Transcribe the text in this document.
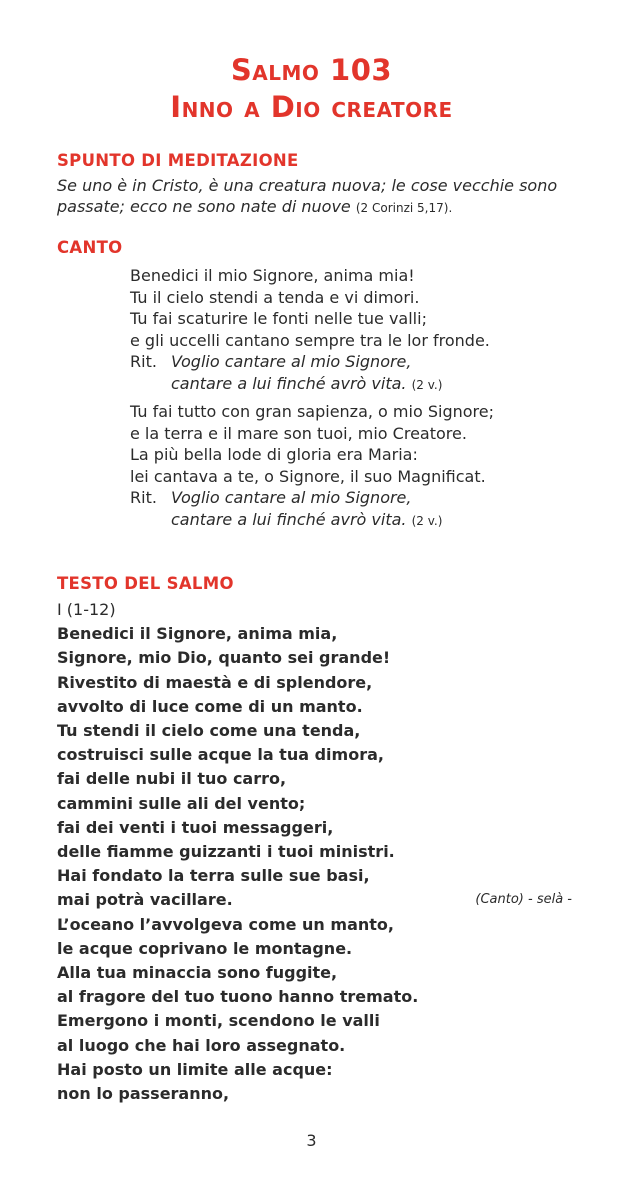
Salmo 103
Inno a Dio creatore
SPUNTO DI MEDITAZIONE
Se uno è in Cristo, è una creatura nuova; le cose vecchie sono passate; ecco ne sono nate di nuove (2 Corinzi 5,17).
CANTO
Benedici il mio Signore, anima mia!
Tu il cielo stendi a tenda e vi dimori.
Tu fai scaturire le fonti nelle tue valli;
e gli uccelli cantano sempre tra le lor fronde.
Rit. Voglio cantare al mio Signore,
cantare a lui finché avrò vita. (2 v.)
Tu fai tutto con gran sapienza, o mio Signore;
e la terra e il mare son tuoi, mio Creatore.
La più bella lode di gloria era Maria:
lei cantava a te, o Signore, il suo Magnificat.
Rit. Voglio cantare al mio Signore,
cantare a lui finché avrò vita. (2 v.)
TESTO DEL SALMO
I (1-12)
Benedici il Signore, anima mia,
Signore, mio Dio, quanto sei grande!
Rivestito di maestà e di splendore,
avvolto di luce come di un manto.
Tu stendi il cielo come una tenda,
costruisci sulle acque la tua dimora,
fai delle nubi il tuo carro,
cammini sulle ali del vento;
fai dei venti i tuoi messaggeri,
delle fiamme guizzanti i tuoi ministri.
Hai fondato la terra sulle sue basi,
mai potrà vacillare.	(Canto) - selà -
L’oceano l’avvolgeva come un manto,
le acque coprivano le montagne.
Alla tua minaccia sono fuggite,
al fragore del tuo tuono hanno tremato.
Emergono i monti, scendono le valli
al luogo che hai loro assegnato.
Hai posto un limite alle acque:
non lo passeranno,
3
